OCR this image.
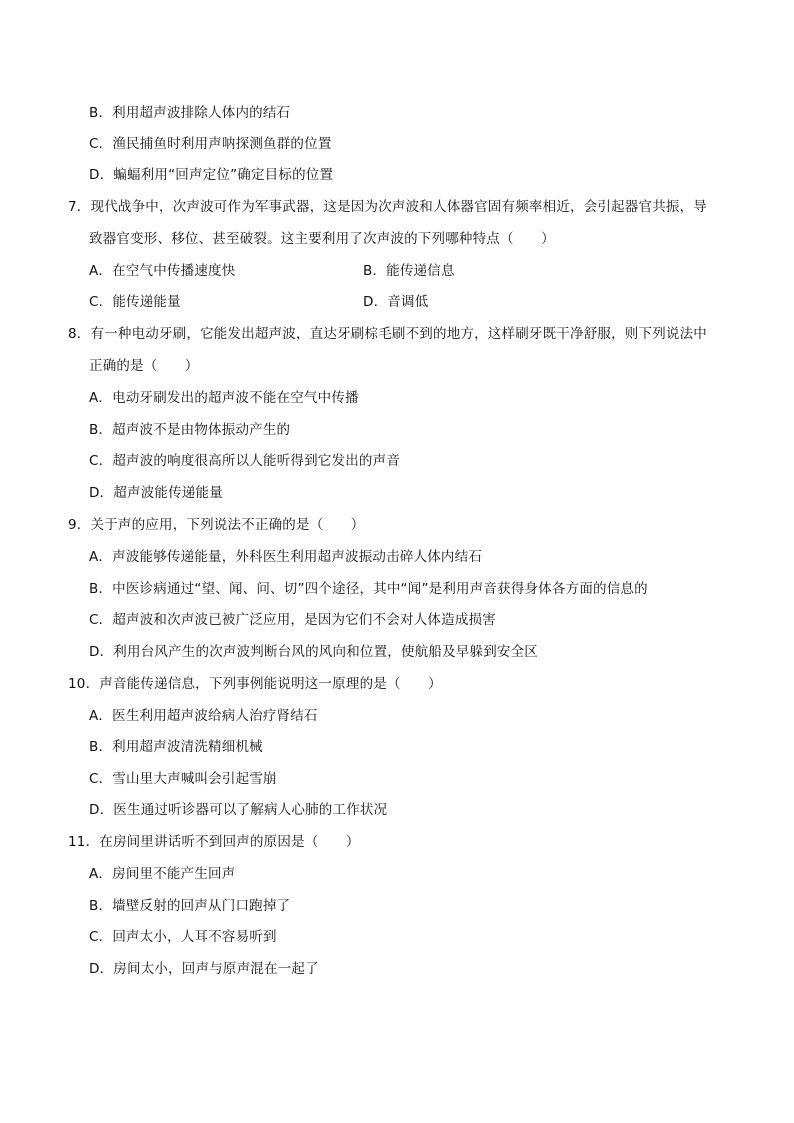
B．利用超声波排除人体内的结石
C．渔民捕鱼时利用声呐探测鱼群的位置
D．蝙蝠利用“回声定位”确定目标的位置
7．现代战争中，次声波可作为军事武器，这是因为次声波和人体器官固有频率相近，会引起器官共振，导
致器官变形、移位、甚至破裂。这主要利用了次声波的下列哪种特点（　　）
A．在空气中传播速度快	B．能传递信息
C．能传递能量	D．音调低
8．有一种电动牙刷，它能发出超声波，直达牙刷棕毛刷不到的地方，这样刷牙既干净舒服，则下列说法中
正确的是（　　）
A．电动牙刷发出的超声波不能在空气中传播
B．超声波不是由物体振动产生的
C．超声波的响度很高所以人能听得到它发出的声音
D．超声波能传递能量
9．关于声的应用，下列说法不正确的是（　　）
A．声波能够传递能量，外科医生利用超声波振动击碎人体内结石
B．中医诊病通过“望、闻、问、切”四个途径，其中“闻”是利用声音获得身体各方面的信息的
C．超声波和次声波已被广泛应用，是因为它们不会对人体造成损害
D．利用台风产生的次声波判断台风的风向和位置，使航船及早躲到安全区
10．声音能传递信息，下列事例能说明这一原理的是（　　）
A．医生利用超声波给病人治疗肾结石
B．利用超声波清洗精细机械
C．雪山里大声喊叫会引起雪崩
D．医生通过听诊器可以了解病人心肺的工作状况
11．在房间里讲话听不到回声的原因是（　　）
A．房间里不能产生回声
B．墙壁反射的回声从门口跑掉了
C．回声太小，人耳不容易听到
D．房间太小，回声与原声混在一起了
